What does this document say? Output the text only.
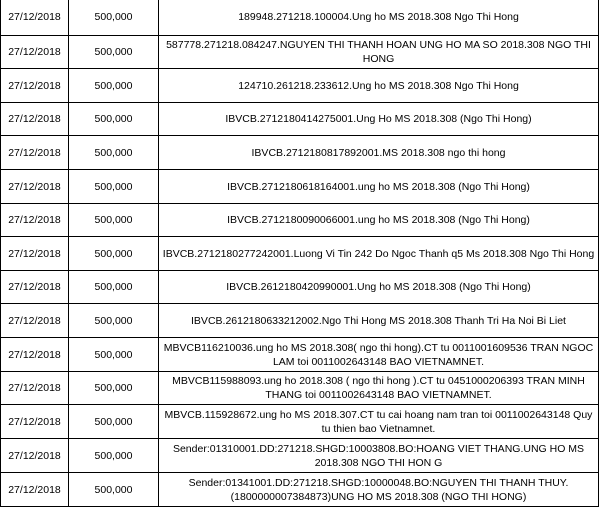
27/12/2018	500,000	189948.271218.100004.Ung ho MS 2018.308 Ngo Thi Hong
27/12/2018	500,000	587778.271218.084247.NGUYEN THI THANH HOAN UNG HO MA SO 2018.308 NGO THI HONG
27/12/2018	500,000	124710.261218.233612.Ung ho MS 2018.308 Ngo Thi Hong
27/12/2018	500,000	IBVCB.2712180414275001.Ung Ho MS 2018.308 (Ngo Thi Hong)
27/12/2018	500,000	IBVCB.2712180817892001.MS 2018.308 ngo thi hong
27/12/2018	500,000	IBVCB.2712180618164001.ung ho MS 2018.308 (Ngo Thi Hong)
27/12/2018	500,000	IBVCB.2712180090066001.ung ho MS 2018.308 (Ngo Thi Hong)
27/12/2018	500,000	IBVCB.2712180277242001.Luong Vi Tin 242 Do Ngoc Thanh q5 Ms 2018.308 Ngo Thi Hong
27/12/2018	500,000	IBVCB.2612180420990001.Ung ho MS 2018.308 (Ngo Thi Hong)
27/12/2018	500,000	IBVCB.2612180633212002.Ngo Thi Hong MS 2018.308 Thanh Tri Ha Noi Bi Liet
27/12/2018	500,000	MBVCB116210036.ung ho MS 2018.308( ngo thi hong).CT tu 0011001609536 TRAN NGOC LAM toi 0011002643148 BAO VIETNAMNET.
27/12/2018	500,000	MBVCB115988093.ung ho 2018.308 ( ngo thi hong ).CT tu 0451000206393 TRAN MINH THANG toi 0011002643148 BAO VIETNAMNET.
27/12/2018	500,000	MBVCB.115928672.ung ho MS 2018.307.CT tu cai hoang nam tran toi 0011002643148 Quy tu thien bao Vietnamnet.
27/12/2018	500,000	Sender:01310001.DD:271218.SHGD:10003808.BO:HOANG VIET THANG.UNG HO MS 2018.308 NGO THI HON G
27/12/2018	500,000	Sender:01341001.DD:271218.SHGD:10000048.BO:NGUYEN THI THANH THUY.(1800000007384873)UNG HO MS 2018.308 (NGO THI HONG)
